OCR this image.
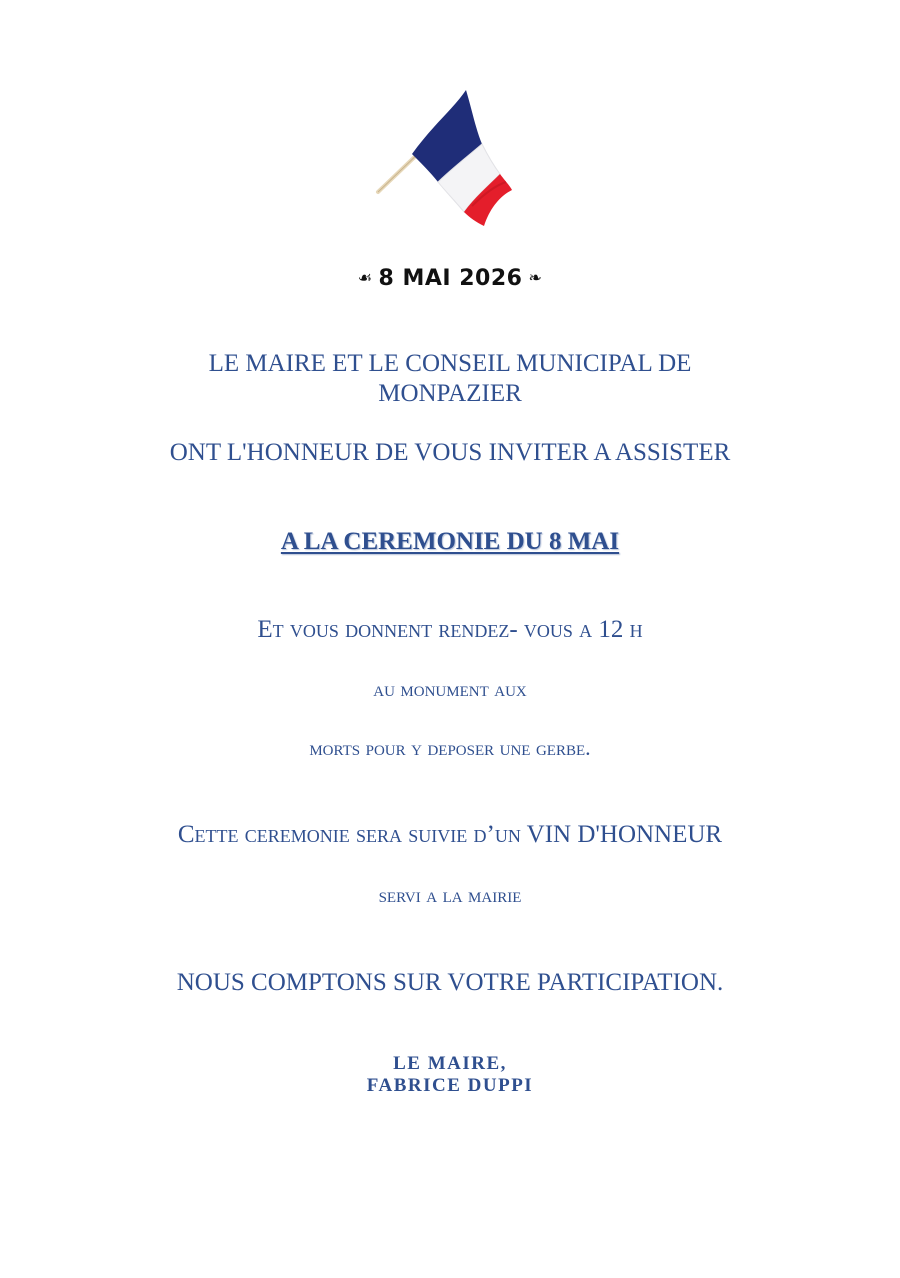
☙ 8 MAI 2026 ❧
LE MAIRE ET LE CONSEIL MUNICIPAL DE
MONPAZIER
ONT L'HONNEUR DE VOUS INVITER A ASSISTER
A LA CEREMONIE DU 8 MAI
Et vous donnent rendez- vous a 12 h
au monument aux
morts pour y deposer une gerbe.
Cette ceremonie sera suivie d’un VIN D'HONNEUR
servi a la mairie
NOUS COMPTONS SUR VOTRE PARTICIPATION.
LE MAIRE,
FABRICE DUPPI
